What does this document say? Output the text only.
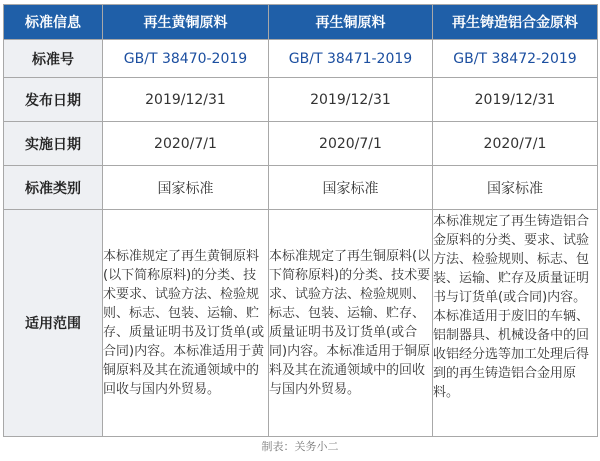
标准信息	再生黄铜原料	再生铜原料	再生铸造铝合金原料
标准号	GB/T 38470-2019	GB/T 38471-2019	GB/T 38472-2019
发布日期	2019/12/31	2019/12/31	2019/12/31
实施日期	2020/7/1	2020/7/1	2020/7/1
标准类别	国家标准	国家标准	国家标准
适用范围	本标准规定了再生黄铜原料(以下简称原料)的分类、技术要求、试验方法、检验规则、标志、包装、运输、贮存、质量证明书及订货单(或合同)内容。本标准适用于黄铜原料及其在流通领域中的回收与国内外贸易。	本标准规定了再生铜原料(以下简称原料)的分类、技术要求、试验方法、检验规则、标志、包装、运输、贮存、质量证明书及订货单(或合同)内容。本标准适用于铜原料及其在流通领域中的回收与国内外贸易。	本标准规定了再生铸造铝合金原料的分类、要求、试验方法、检验规则、标志、包装、运输、贮存及质量证明书与订货单(或合同)内容。本标准适用于废旧的车辆、铝制器具、机械设备中的回收铝经分选等加工处理后得到的再生铸造铝合金用原料。
制表：关务小二
